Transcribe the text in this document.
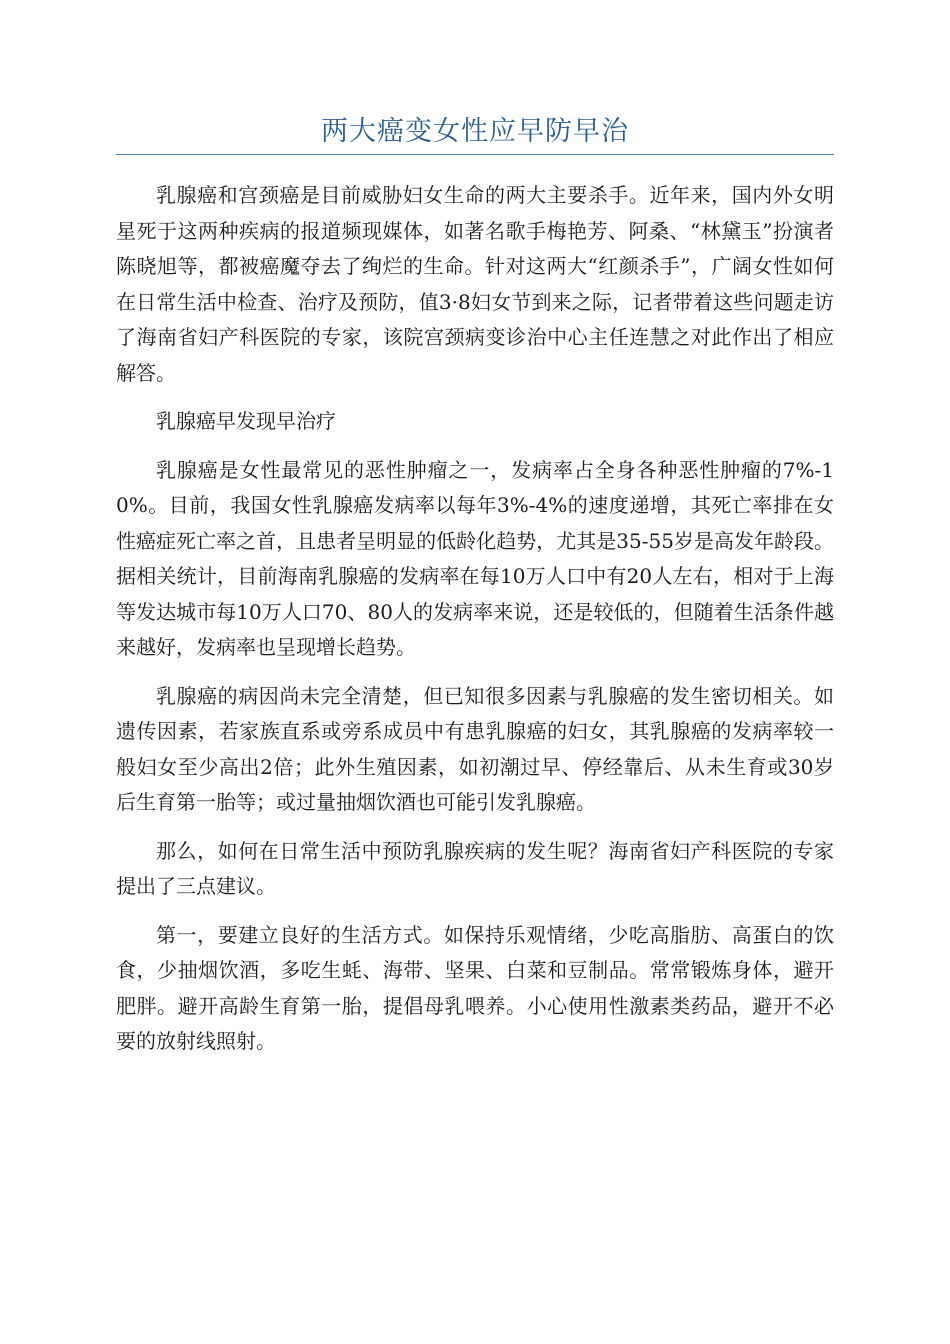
两大癌变女性应早防早治

乳腺癌和宫颈癌是目前威胁妇女生命的两大主要杀手。近年来，国内外女明星死于这两种疾病的报道频现媒体，如著名歌手梅艳芳、阿桑、“林黛玉”扮演者陈晓旭等，都被癌魔夺去了绚烂的生命。针对这两大“红颜杀手”，广阔女性如何在日常生活中检查、治疗及预防，值3·8妇女节到来之际，记者带着这些问题走访了海南省妇产科医院的专家，该院宫颈病变诊治中心主任连慧之对此作出了相应解答。

乳腺癌早发现早治疗

乳腺癌是女性最常见的恶性肿瘤之一，发病率占全身各种恶性肿瘤的7%-10%。目前，我国女性乳腺癌发病率以每年3%-4%的速度递增，其死亡率排在女性癌症死亡率之首，且患者呈明显的低龄化趋势，尤其是35-55岁是高发年龄段。据相关统计，目前海南乳腺癌的发病率在每10万人口中有20人左右，相对于上海等发达城市每10万人口70、80人的发病率来说，还是较低的，但随着生活条件越来越好，发病率也呈现增长趋势。

乳腺癌的病因尚未完全清楚，但已知很多因素与乳腺癌的发生密切相关。如遗传因素，若家族直系或旁系成员中有患乳腺癌的妇女，其乳腺癌的发病率较一般妇女至少高出2倍；此外生殖因素，如初潮过早、停经靠后、从未生育或30岁后生育第一胎等；或过量抽烟饮酒也可能引发乳腺癌。

那么，如何在日常生活中预防乳腺疾病的发生呢？海南省妇产科医院的专家提出了三点建议。

第一，要建立良好的生活方式。如保持乐观情绪，少吃高脂肪、高蛋白的饮食，少抽烟饮酒，多吃生蚝、海带、坚果、白菜和豆制品。常常锻炼身体，避开肥胖。避开高龄生育第一胎，提倡母乳喂养。小心使用性激素类药品，避开不必要的放射线照射。
